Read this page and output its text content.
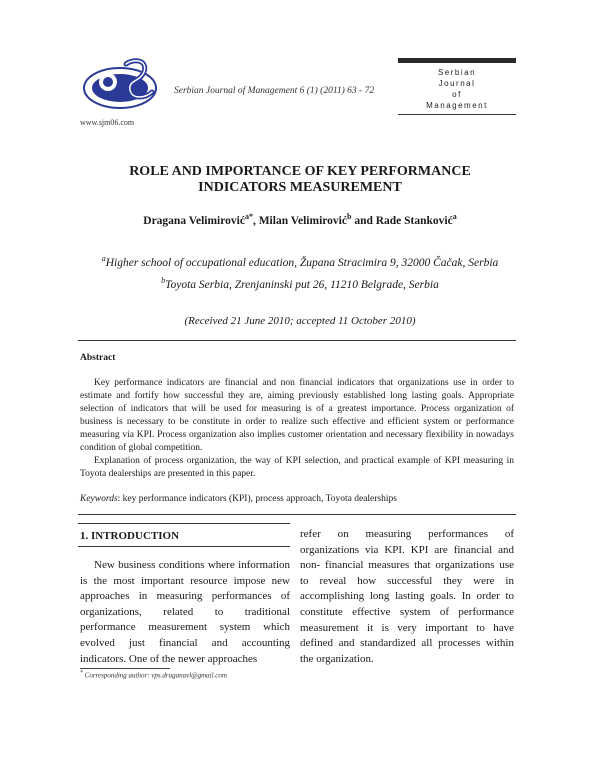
www.sjm06.com
Serbian Journal of Management 6 (1) (2011) 63 - 72
Serbian
Journal
of
Management
ROLE AND IMPORTANCE OF KEY PERFORMANCE
INDICATORS MEASUREMENT
Dragana Velimirović$^{a*}$, Milan Velimirović$^b$ and Rade Stanković$^a$
$^a$Higher school of occupational education, Županа Stracimira 9, 32000 Čačak, Serbia
$^b$Toyota Serbia, Zrenjaninski put 26, 11210 Belgrade, Serbia
(Received 21 June 2010; accepted 11 October 2010)
Abstract

Key performance indicators are financial and non financial indicators that organizations use in order to estimate and fortify how successful they are, aiming previously established long lasting goals. Appropriate selection of indicators that will be used for measuring is of a greatest importance. Process organization of business is necessary to be constitute in order to realize such effective and efficient system or performance measuring via KPI. Process organization also implies customer orientation and necessary flexibility in nowadays condition of global competition.

Explanation of process organization, the way of KPI selection, and practical example of KPI measuring in Toyota dealerships are presented in this paper.

Keywords: key performance indicators (KPI), process approach, Toyota dealerships
1. INTRODUCTION

New business conditions where information is the most important resource impose new approaches in measuring performances of organizations, related to traditional performance measurement system which evolved just financial and accounting indicators. One of the newer approaches

refer on measuring performances of organizations via KPI. KPI are financial and non- financial measures that organizations use to reveal how successful they were in accomplishing long lasting goals. In order to constitute effective system of performance measurement it is very important to have defined and standardized all processes within the organization.

* Corresponding author: vps.draganavl@gmail.com
